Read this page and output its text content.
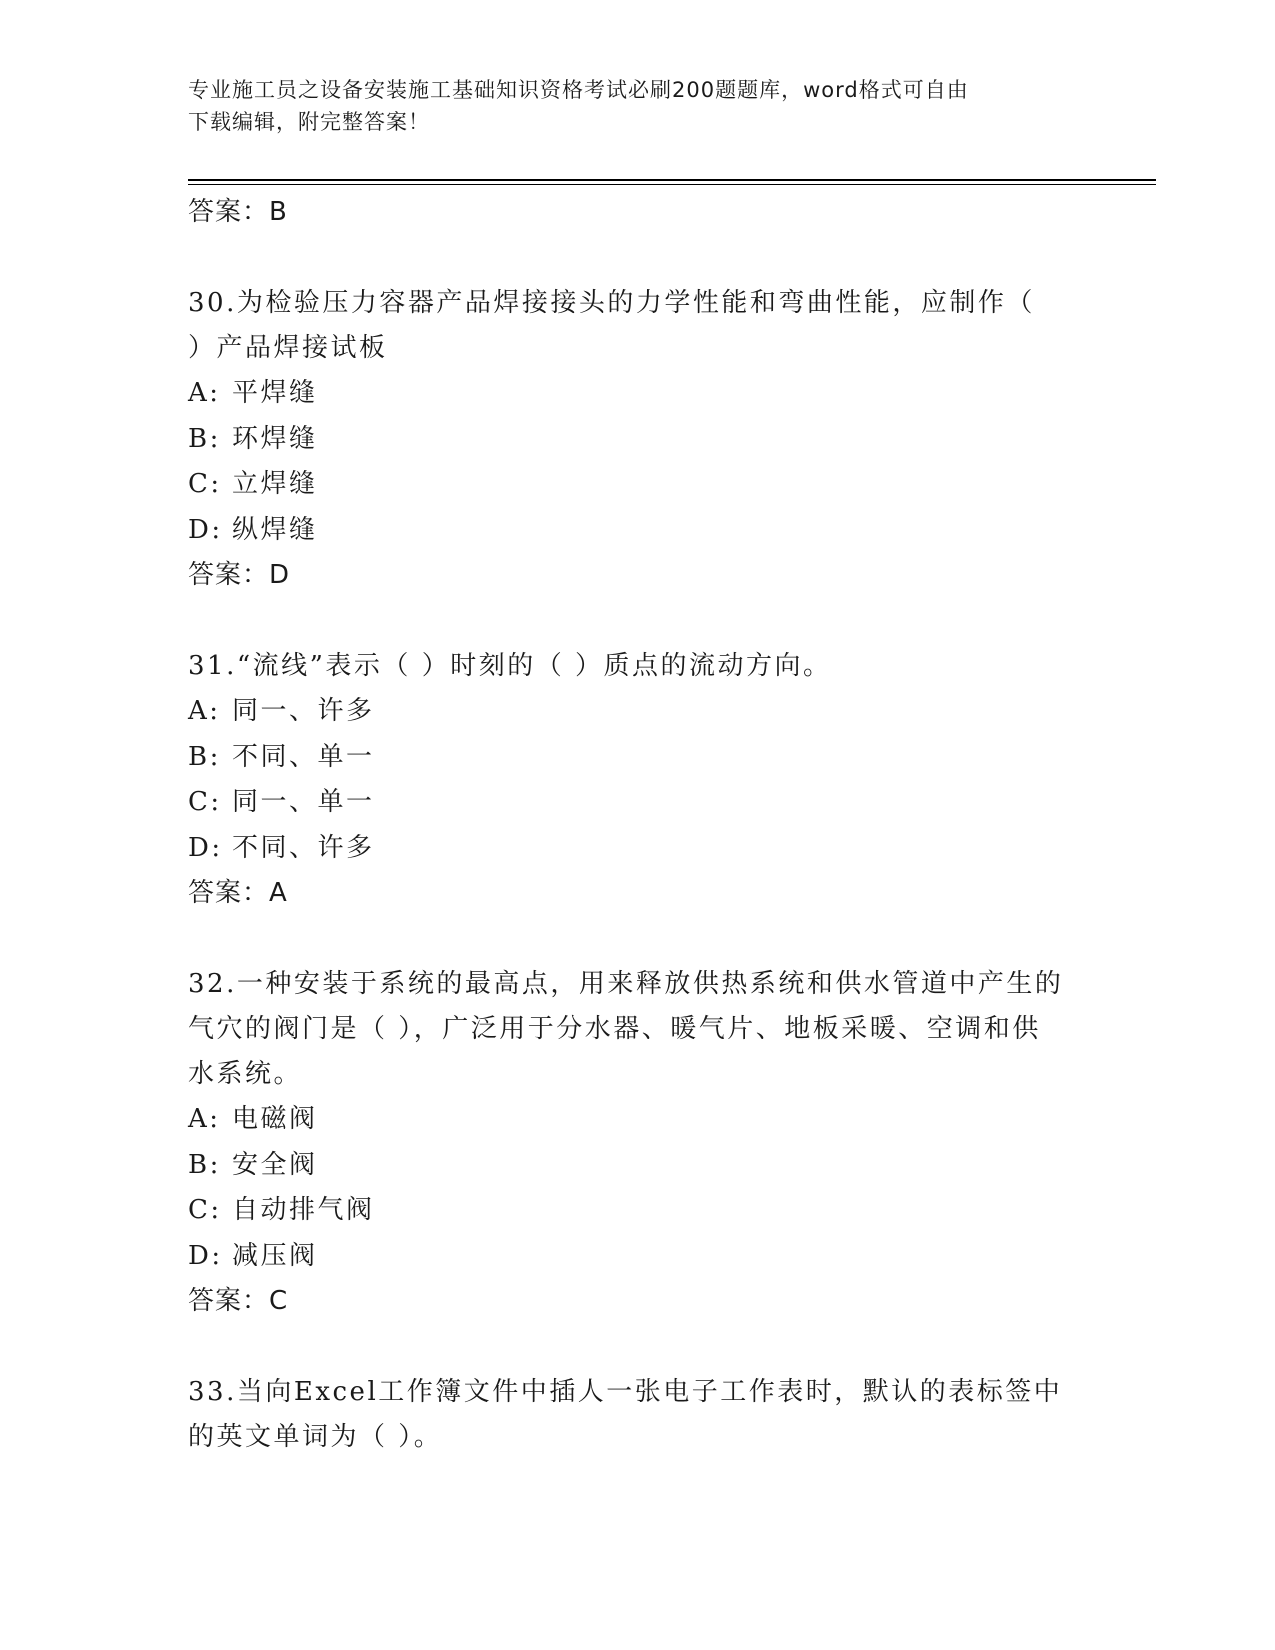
专业施工员之设备安装施工基础知识资格考试必刷200题题库，word格式可自由
下载编辑，附完整答案！
答案：B

30.为检验压力容器产品焊接接头的力学性能和弯曲性能，应制作（

）产品焊接试板

A: 平焊缝
B: 环焊缝
C: 立焊缝
D: 纵焊缝
答案：D

31.“流线”表示（ ）时刻的（ ）质点的流动方向。

A: 同一、许多
B: 不同、单一
C: 同一、单一
D: 不同、许多
答案：A

32.一种安装于系统的最高点，用来释放供热系统和供水管道中产生的

气穴的阀门是（ ），广泛用于分水器、暖气片、地板采暖、空调和供

水系统。

A: 电磁阀
B: 安全阀
C: 自动排气阀
D: 减压阀
答案：C

33.当向Excel工作簿文件中插人一张电子工作表时，默认的表标签中

的英文单词为（ ）。
